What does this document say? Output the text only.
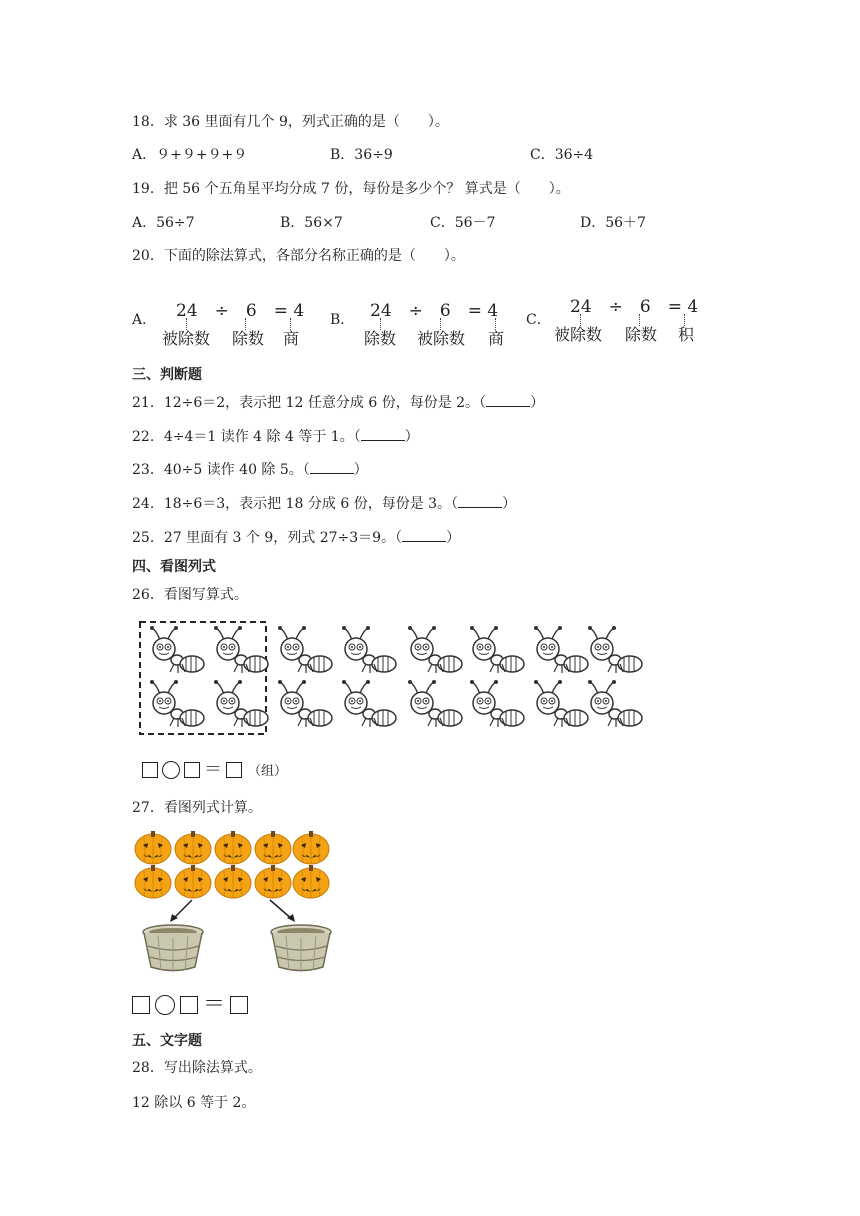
18．求 36 里面有几个 9，列式正确的是（　　）。
A．９+９+９+９	B．36÷9	C．36÷4
19．把 56 个五角星平均分成 7 份，每份是多少个？ 算式是（　　）。
A．56÷7	B．56×7	C．56－7	D．56＋7
20．下面的除法算式，各部分名称正确的是（　　）。
A． 24　÷　6　= 4
被除数 除数 商
B． 24　÷　6　= 4
除数 被除数 商
C．
24　÷　6　= 4
被除数 除数 积
三、判断题
21．12÷6＝2，表示把 12 任意分成 6 份，每份是 2。（	）
22．4÷4＝1 读作 4 除 4 等于 1。（	）
23．40÷5 读作 40 除 5。（	）
24．18÷6＝3，表示把 18 分成 6 份，每份是 3。（	）
25．27 里面有 3 个 9，列式 27÷3＝9。（	）
四、看图列式
26．看图写算式。
＝ （组）
27．看图列式计算。
＝
五、文字题
28．写出除法算式。
12 除以 6 等于 2。
